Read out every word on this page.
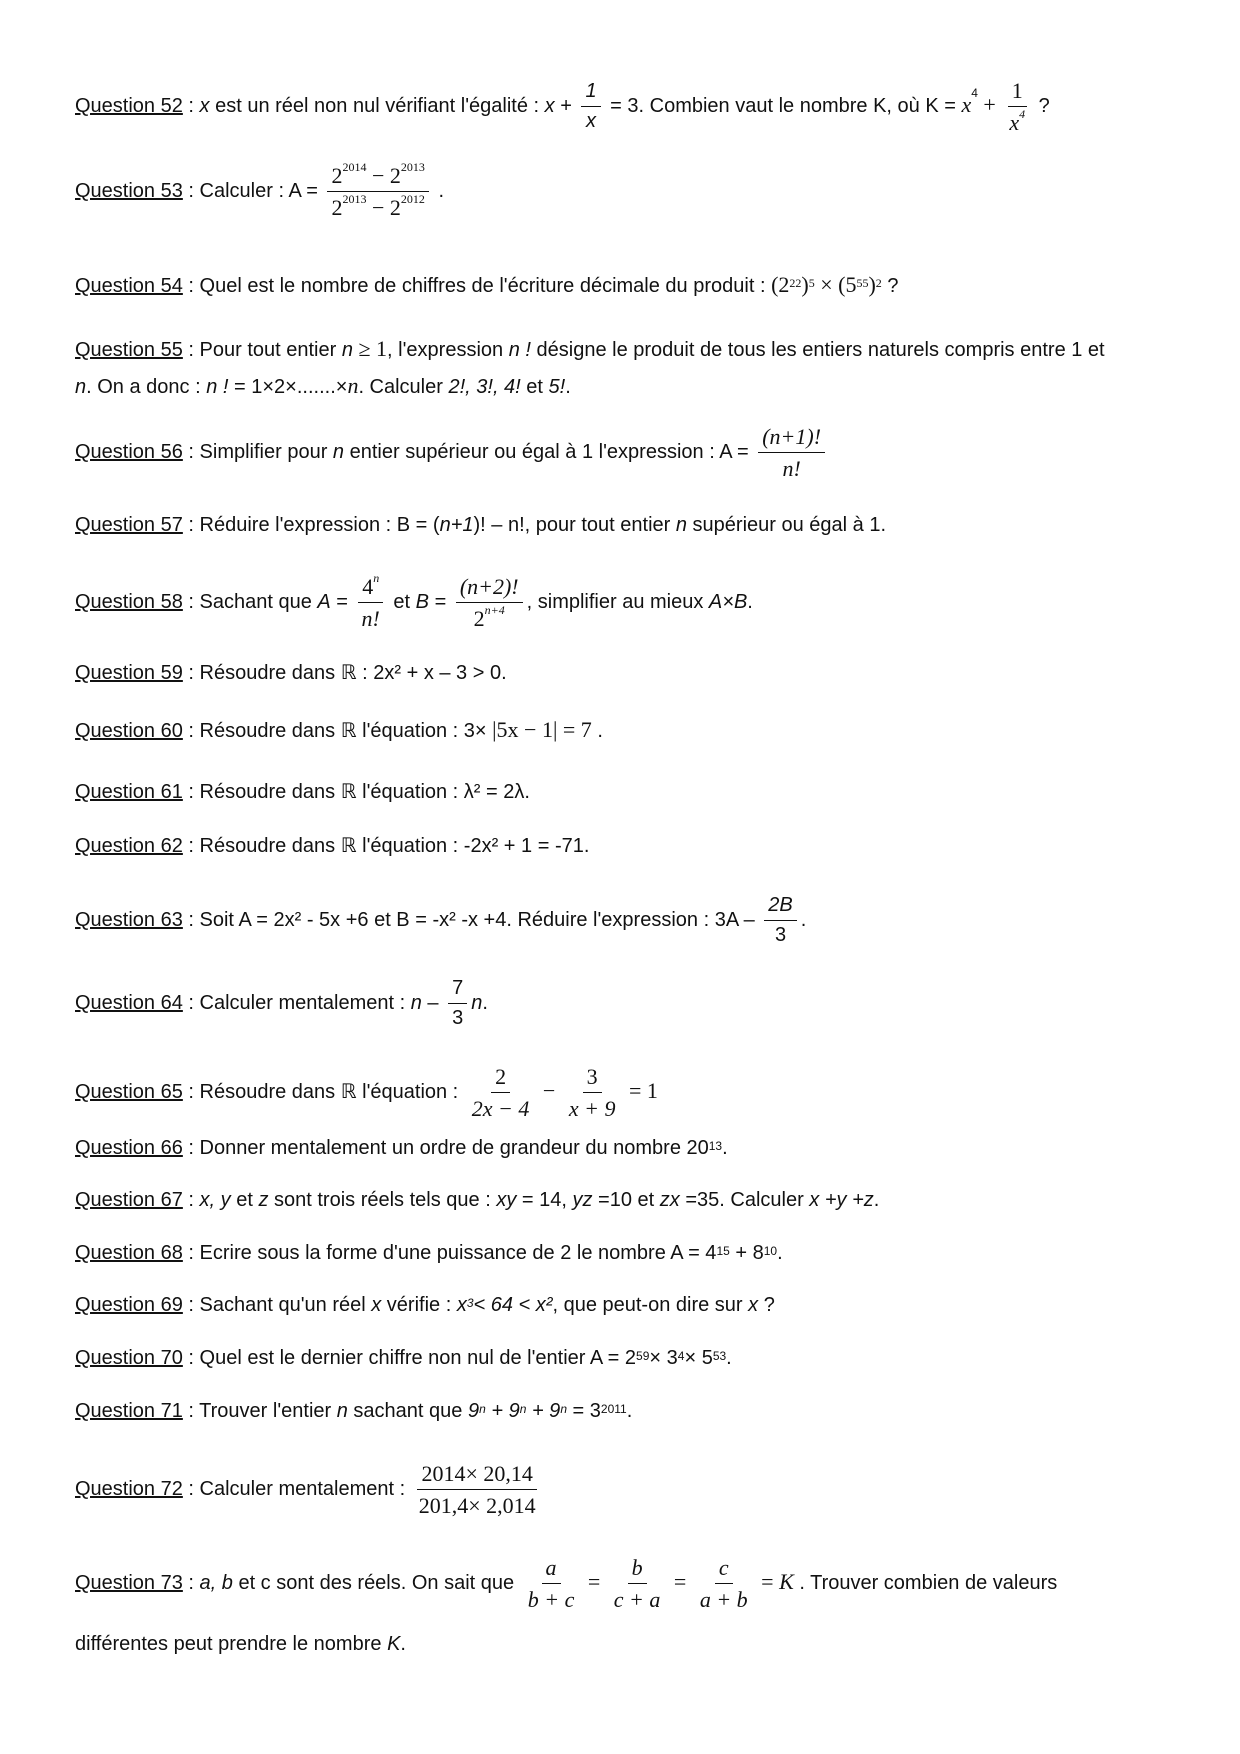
Question 52 : x est un réel non nul vérifiant l'égalité : $x + \frac{1}{x} = 3$. Combien vaut le nombre K, où $K = x^4 + \frac{1}{x^4}$ ?
Question 53 : Calculer : $A = \frac{2^{2014} - 2^{2013}}{2^{2013} - 2^{2012}}$ .
Question 54 : Quel est le nombre de chiffres de l'écriture décimale du produit : $(2^{22})^5 \times (5^{55})^2$ ?
Question 55 : Pour tout entier n ≥ 1, l'expression n ! désigne le produit de tous les entiers naturels compris entre 1 et
n. On a donc : n ! = 1×2×.......×n. Calculer 2!, 3!, 4! et 5!.
Question 56 : Simplifier pour n entier supérieur ou égal à 1 l'expression : $A = \frac{(n+1)!}{n!}$
Question 57 : Réduire l'expression : B = (n+1)! – n!, pour tout entier n supérieur ou égal à 1.
Question 58 : Sachant que $A = \frac{4^n}{n!}$ et $B = \frac{(n+2)!}{2^{n+4}}$ , simplifier au mieux A×B.
Question 59 : Résoudre dans ℝ : 2x² + x – 3 > 0.
Question 60 : Résoudre dans ℝ l'équation : 3× |5x − 1| = 7 .
Question 61 : Résoudre dans ℝ l'équation : λ² = 2λ.
Question 62 : Résoudre dans ℝ l'équation : -2x² + 1 = -71.
Question 63 : Soit A = 2x² - 5x +6 et B = -x² -x +4. Réduire l'expression : $3A - \frac{2B}{3}$ .
Question 64 : Calculer mentalement : n – $\frac{7}{3} n$.
Question 65 : Résoudre dans ℝ l'équation : $\frac{2}{2x - 4} - \frac{3}{x + 9} = 1$
Question 66 : Donner mentalement un ordre de grandeur du nombre $20^{13}$.
Question 67 : x, y et z sont trois réels tels que : xy = 14, yz =10 et zx =35. Calculer x +y +z.
Question 68 : Ecrire sous la forme d'une puissance de 2 le nombre $A = 4^{15} + 8^{10}$.
Question 69 : Sachant qu'un réel x vérifie : $x^3< 64 < x^2$, que peut-on dire sur x ?
Question 70 : Quel est le dernier chiffre non nul de l'entier $A = 2^{59}\times 3^4\times 5^{53}$.
Question 71 : Trouver l'entier n sachant que $9^n + 9^n + 9^n = 3^{2011}$.
Question 72 : Calculer mentalement : $\frac{2014\times 20,14}{201,4\times 2,014}$
Question 73 : a, b et c sont des réels. On sait que $\frac{a}{b + c} = \frac{b}{c + a} = \frac{c}{a + b} = K$ . Trouver combien de valeurs
différentes peut prendre le nombre K.
